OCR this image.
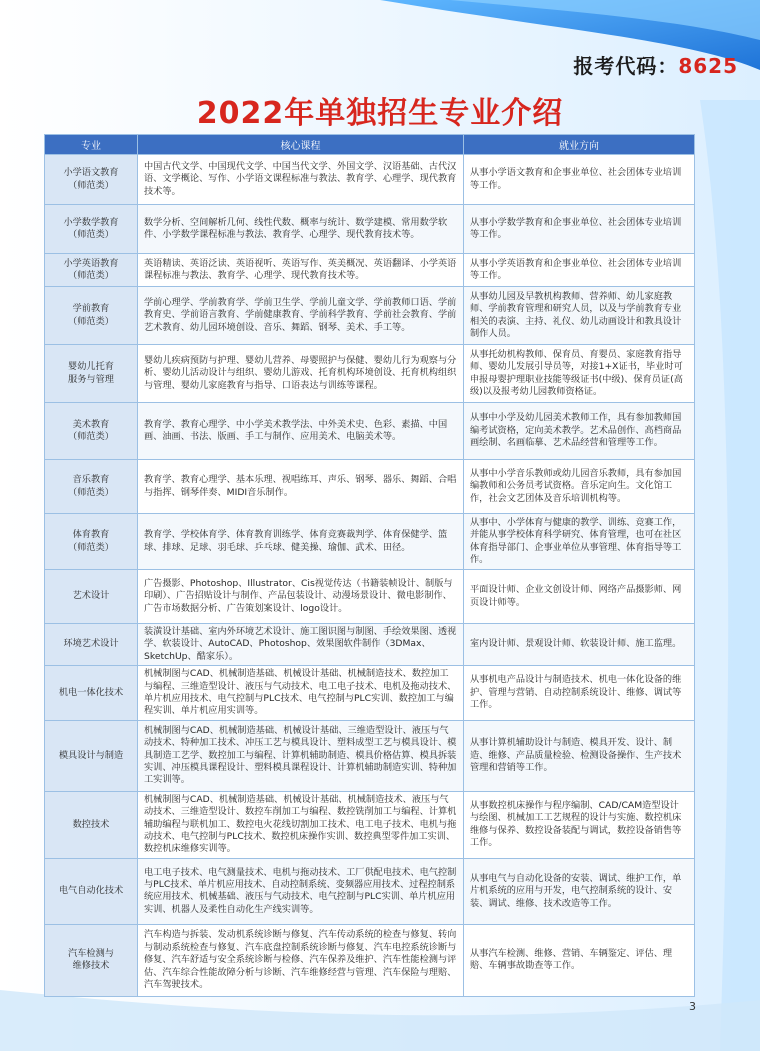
报考代码：8625
2022年单独招生专业介绍
专业	核心课程	就业方向

小学语文教育
（师范类）	中国古代文学、中国现代文学、中国当代文学、外国文学、汉语基础、古代汉语、文学概论、写作、小学语文课程标准与教法、教育学、心理学、现代教育技术等。	从事小学语文教育和企事业单位、社会团体专业培训等工作。

小学数学教育
（师范类）	数学分析、空间解析几何、线性代数、概率与统计、数学建模、常用数学软件、小学数学课程标准与教法、教育学、心理学、现代教育技术等。	从事小学数学教育和企事业单位、社会团体专业培训等工作。

小学英语教育
（师范类）	英语精读、英语泛读、英语视听、英语写作、英美概况、英语翻译、小学英语课程标准与教法、教育学、心理学、现代教育技术等。	从事小学英语教育和企事业单位、社会团体专业培训等工作。

学前教育
（师范类）	学前心理学、学前教育学、学前卫生学、学前儿童文学、学前教师口语、学前教育史、学前语言教育、学前健康教育、学前科学教育、学前社会教育、学前艺术教育、幼儿园环境创设、音乐、舞蹈、钢琴、美术、手工等。	从事幼儿园及早教机构教师、营养师、幼儿家庭教师、学前教育管理和研究人员，以及与学前教育专业相关的表演、主持、礼仪、幼儿动画设计和教具设计制作人员。

婴幼儿托育
服务与管理	婴幼儿疾病预防与护理、婴幼儿营养、母婴照护与保健、婴幼儿行为观察与分析、婴幼儿活动设计与组织、婴幼儿游戏、托育机构环境创设、托育机构组织与管理、婴幼儿家庭教育与指导、口语表达与训练等课程。	从事托幼机构教师、保育员、育婴员、家庭教育指导师、婴幼儿发展引导员等，对接1+X证书，毕业时可申报母婴护理职业技能等级证书(中级)、保育员证(高级)以及报考幼儿园教师资格证。

美术教育
（师范类）	教育学、教育心理学、中小学美术教学法、中外美术史、色彩、素描、中国画、油画、书法、版画、手工与制作、应用美术、电脑美术等。	从事中小学及幼儿园美术教师工作，具有参加教师国编考试资格，定向美术教学。艺术品创作、高档商品画绘制、名画临摹、艺术品经营和管理等工作。

音乐教育
（师范类）	教育学、教育心理学、基本乐理、视唱练耳、声乐、钢琴、器乐、舞蹈、合唱与指挥、钢琴伴奏、MIDI音乐制作。	从事中小学音乐教师或幼儿园音乐教师，具有参加国编教师和公务员考试资格。音乐定向生。文化馆工作，社会文艺团体及音乐培训机构等。

体育教育
（师范类）	教育学、学校体育学、体育教育训练学、体育竞赛裁判学、体育保健学、篮球、排球、足球、羽毛球、乒乓球、健美操、瑜伽、武术、田径。	从事中、小学体育与健康的教学、训练、竞赛工作，并能从事学校体育科学研究、体育管理，也可在社区体育指导部门、企事业单位从事管理、体育指导等工作。

艺术设计	广告摄影、Photoshop、Illustrator、Cis视觉传达（书籍装帧设计、制版与印刷）、广告招贴设计与制作、产品包装设计、动漫场景设计、微电影制作、广告市场数据分析、广告策划案设计、logo设计。	平面设计师、企业文创设计师、网络产品摄影师、网页设计师等。

环境艺术设计	装潢设计基础、室内外环境艺术设计、施工图识图与制图、手绘效果图、透视学、软装设计、AutoCAD、Photoshop、效果图软件制作（3DMax、SketchUp、酷家乐）。	室内设计师、景观设计师、软装设计师、施工监理。

机电一体化技术	机械制图与CAD、机械制造基础、机械设计基础、机械制造技术、数控加工与编程、三维造型设计、液压与气动技术、电工电子技术、电机及拖动技术、单片机应用技术、电气控制与PLC技术、电气控制与PLC实训、数控加工与编程实训、单片机应用实训等。	从事机电产品设计与制造技术、机电一体化设备的维护、管理与营销、自动控制系统设计、维修、调试等工作。

模具设计与制造	机械制图与CAD、机械制造基础、机械设计基础、三维造型设计、液压与气动技术、特种加工技术、冲压工艺与模具设计、塑料成型工艺与模具设计、模具制造工艺学、数控加工与编程、计算机辅助制造、模具价格估算、模具拆装实训、冲压模具课程设计、塑料模具课程设计、计算机辅助制造实训、特种加工实训等。	从事计算机辅助设计与制造、模具开发、设计、制造、维修、产品质量检验、检测设备操作、生产技术管理和营销等工作。

数控技术	机械制图与CAD、机械制造基础、机械设计基础、机械制造技术、液压与气动技术、三维造型设计、数控车削加工与编程、数控铣削加工与编程、计算机辅助编程与联机加工、数控电火花线切割加工技术、电工电子技术、电机与拖动技术、电气控制与PLC技术、数控机床操作实训、数控典型零件加工实训、数控机床维修实训等。	从事数控机床操作与程序编制、CAD/CAM造型设计与绘图、机械加工工艺规程的设计与实施、数控机床维修与保养、数控设备装配与调试，数控设备销售等工作。

电气自动化技术	电工电子技术、电气测量技术、电机与拖动技术、工厂供配电技术、电气控制与PLC技术、单片机应用技术、自动控制系统、变频器应用技术、过程控制系统应用技术、机械基础、液压与气动技术、电气控制与PLC实训、单片机应用实训、机器人及柔性自动化生产线实训等。	从事电气与自动化设备的安装、调试、维护工作，单片机系统的应用与开发，电气控制系统的设计、安装、调试、维修、技术改造等工作。

汽车检测与
维修技术	汽车构造与拆装、发动机系统诊断与修复、汽车传动系统的检查与修复、转向与制动系统检查与修复、汽车底盘控制系统诊断与修复、汽车电控系统诊断与修复、汽车舒适与安全系统诊断与检修、汽车保养及维护、汽车性能检测与评估、汽车综合性能故障分析与诊断、汽车维修经营与管理、汽车保险与理赔、汽车驾驶技术。	从事汽车检测、维修、营销、车辆鉴定、评估、理赔、车辆事故勘查等工作。
3
